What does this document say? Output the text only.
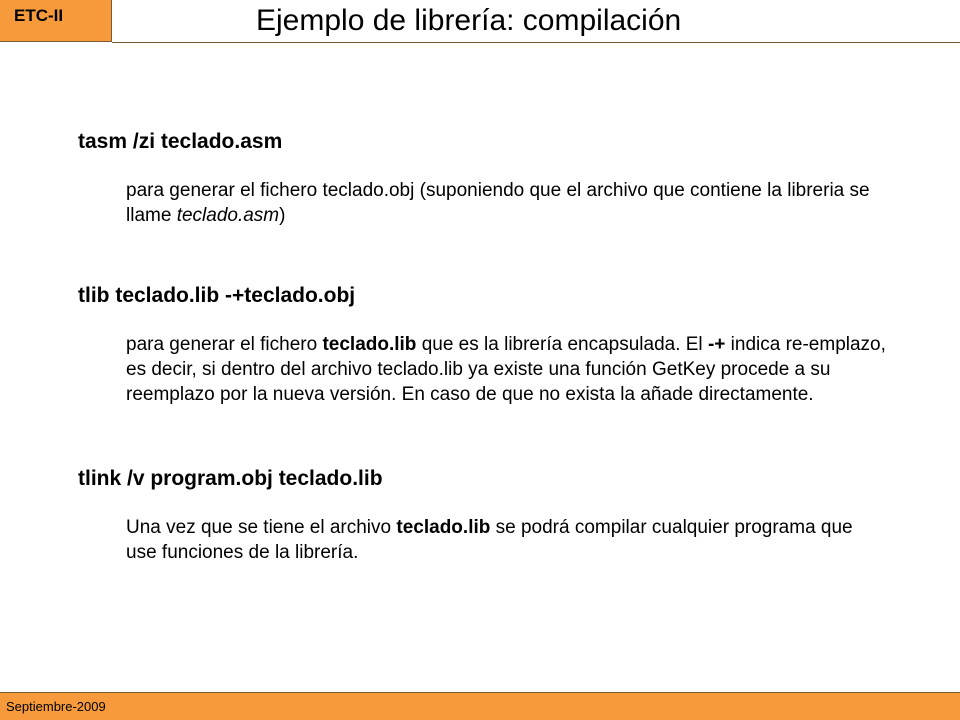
ETC-II	Ejemplo de librería: compilación

tasm /zi teclado.asm

para generar el fichero teclado.obj (suponiendo que el archivo que contiene la libreria se llame teclado.asm)

tlib teclado.lib -+teclado.obj

para generar el fichero teclado.lib que es la librería encapsulada. El -+ indica re-emplazo, es decir, si dentro del archivo teclado.lib ya existe una función GetKey procede a su reemplazo por la nueva versión. En caso de que no exista la añade directamente.

tlink /v program.obj teclado.lib

Una vez que se tiene el archivo teclado.lib se podrá compilar cualquier programa que use funciones de la librería.
Septiembre-2009
